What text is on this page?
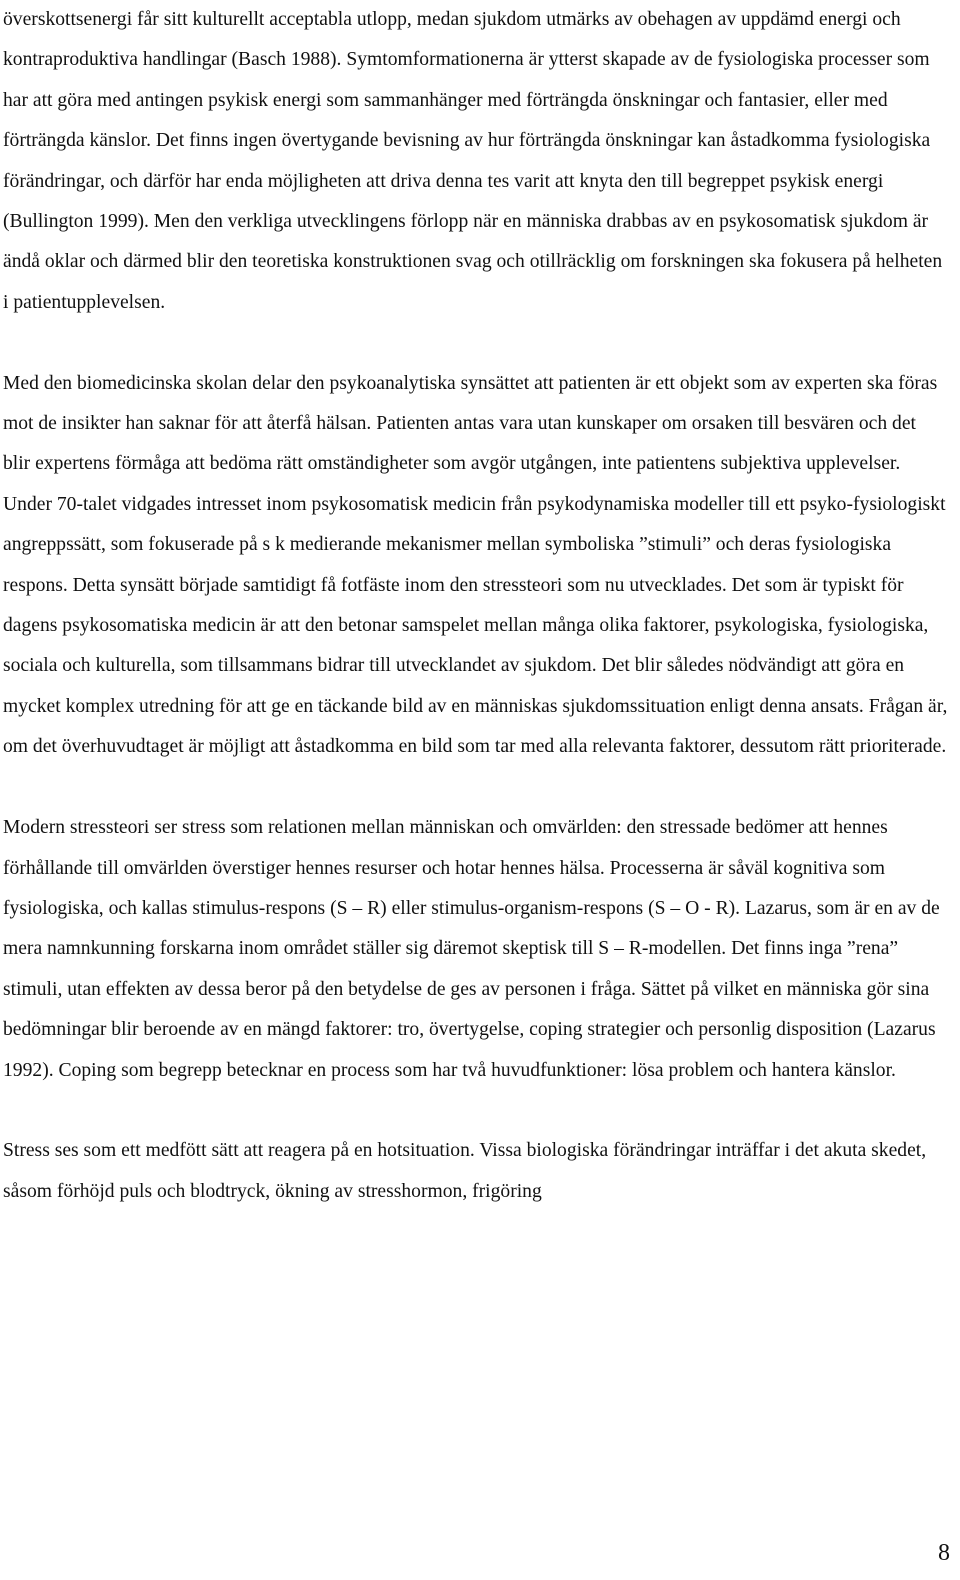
överskottsenergi får sitt kulturellt acceptabla utlopp, medan sjukdom utmärks av obehagen av uppdämd energi och kontraproduktiva handlingar (Basch 1988). Symtomformationerna är ytterst skapade av de fysiologiska processer som har att göra med antingen psykisk energi som sammanhänger med förträngda önskningar och fantasier, eller med förträngda känslor. Det finns ingen övertygande bevisning av hur förträngda önskningar kan åstadkomma fysiologiska förändringar, och därför har enda möjligheten att driva denna tes varit att knyta den till begreppet psykisk energi (Bullington 1999). Men den verkliga utvecklingens förlopp när en människa drabbas av en psykosomatisk sjukdom är ändå oklar och därmed blir den teoretiska konstruktionen svag och otillräcklig om forskningen ska fokusera på helheten i patientupplevelsen.

Med den biomedicinska skolan delar den psykoanalytiska synsättet att patienten är ett objekt som av experten ska föras mot de insikter han saknar för att återfå hälsan. Patienten antas vara utan kunskaper om orsaken till besvären och det blir expertens förmåga att bedöma rätt omständigheter som avgör utgången, inte patientens subjektiva upplevelser. Under 70-talet vidgades intresset inom psykosomatisk medicin från psykodynamiska modeller till ett psyko-fysiologiskt angreppssätt, som fokuserade på s k medierande mekanismer mellan symboliska ”stimuli” och deras fysiologiska respons. Detta synsätt började samtidigt få fotfäste inom den stressteori som nu utvecklades. Det som är typiskt för dagens psykosomatiska medicin är att den betonar samspelet mellan många olika faktorer, psykologiska, fysiologiska, sociala och kulturella, som tillsammans bidrar till utvecklandet av sjukdom. Det blir således nödvändigt att göra en mycket komplex utredning för att ge en täckande bild av en människas sjukdomssituation enligt denna ansats. Frågan är, om det överhuvudtaget är möjligt att åstadkomma en bild som tar med alla relevanta faktorer, dessutom rätt prioriterade.

Modern stressteori ser stress som relationen mellan människan och omvärlden: den stressade bedömer att hennes förhållande till omvärlden överstiger hennes resurser och hotar hennes hälsa. Processerna är såväl kognitiva som fysiologiska, och kallas stimulus-respons (S – R) eller stimulus-organism-respons (S – O - R). Lazarus, som är en av de mera namnkunning forskarna inom området ställer sig däremot skeptisk till S – R-modellen. Det finns inga ”rena” stimuli, utan effekten av dessa beror på den betydelse de ges av personen i fråga. Sättet på vilket en människa gör sina bedömningar blir beroende av en mängd faktorer: tro, övertygelse, coping strategier och personlig disposition (Lazarus 1992). Coping som begrepp betecknar en process som har två huvudfunktioner: lösa problem och hantera känslor.

Stress ses som ett medfött sätt att reagera på en hotsituation. Vissa biologiska förändringar inträffar i det akuta skedet, såsom förhöjd puls och blodtryck, ökning av stresshormon, frigöring

8
